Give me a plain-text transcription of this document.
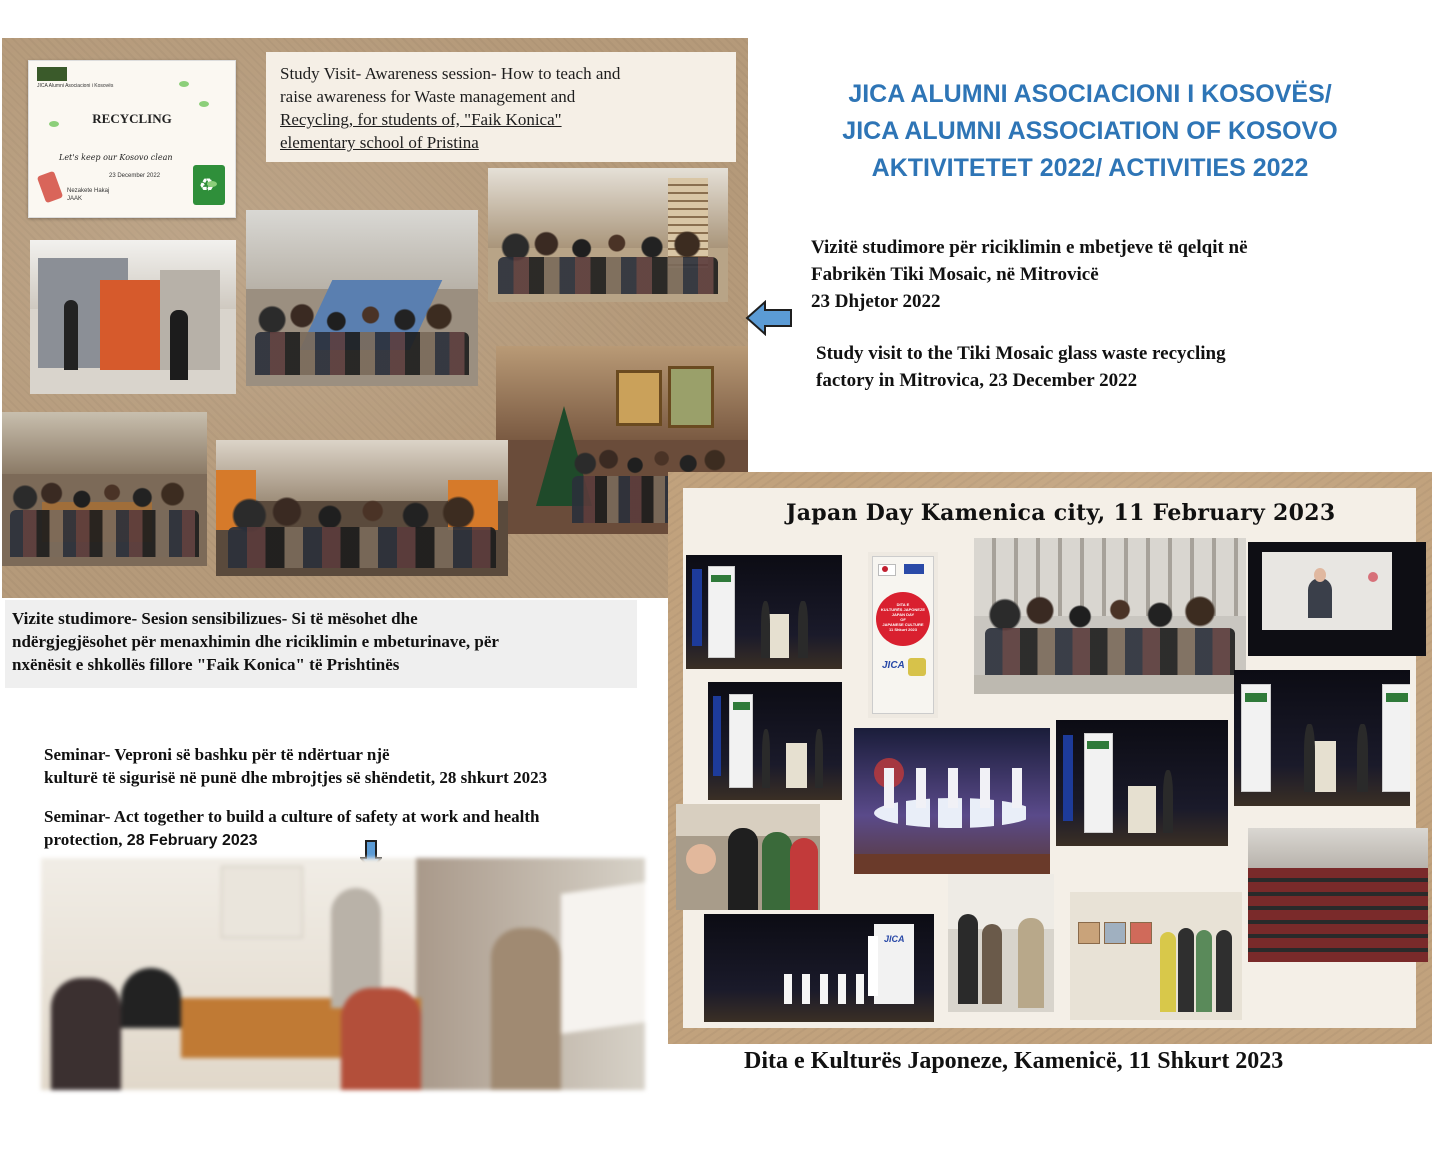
JICA Alumni Asociacioni i Kosovës
RECYCLING
Let's keep our Kosovo clean
23 December 2022
Nezakete Hakaj
JAAK
♻
Study Visit- Awareness session- How to teach and
raise awareness for Waste management and
Recycling, for students of, "Faik Konica"
elementary school of Pristina
JICA ALUMNI ASOCIACIONI I KOSOVËS/
JICA ALUMNI ASSOCIATION OF KOSOVO
AKTIVITETET 2022/ ACTIVITIES 2022
Vizitë studimore për riciklimin e mbetjeve të qelqit në
Fabrikën Tiki Mosaic, në Mitrovicë
23 Dhjetor 2022
Study visit to the Tiki Mosaic glass waste recycling
factory in Mitrovica, 23 December 2022
Vizite studimore- Sesion sensibilizues- Si të mësohet dhe
ndërgjegjësohet për menaxhimin dhe riciklimin e mbeturinave, për
nxënësit e shkollës fillore "Faik Konica" të Prishtinës
Seminar- Veproni së bashku për të ndërtuar një
kulturë të sigurisë në punë dhe mbrojtjes së shëndetit, 28 shkurt 2023
Seminar- Act together to build a culture of safety at work and health
protection, 28 February 2023
Japan Day Kamenica city, 11 February 2023
DITA E
KULTURËS JAPONEZE
JAPAN DAY
OF
JAPANESE CULTURE
11 Shkurt 2023
JICA
JICA
Dita e Kulturës Japoneze, Kamenicë, 11 Shkurt 2023
